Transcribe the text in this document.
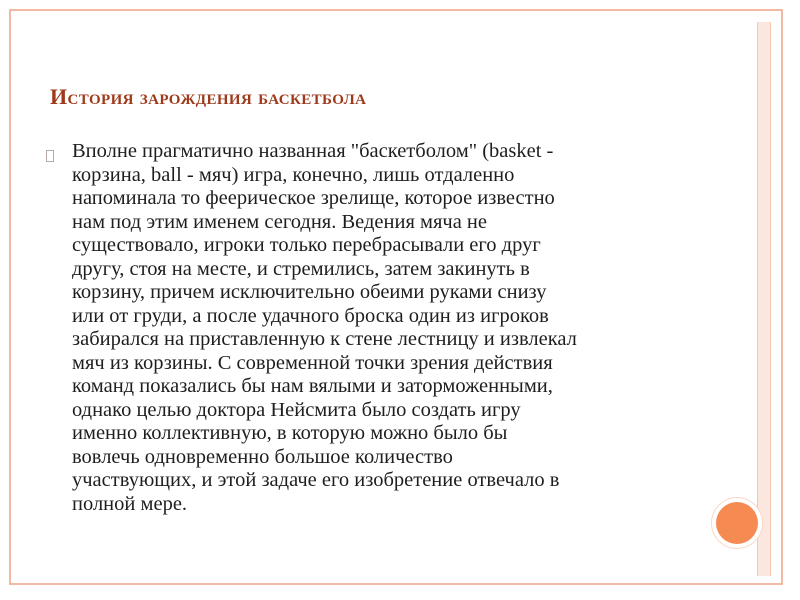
История зарождения баскетбола

Вполне прагматично названная "баскетболом" (basket -
корзина, ball - мяч) игра, конечно, лишь отдаленно
напоминала то феерическое зрелище, которое известно
нам под этим именем сегодня. Ведения мяча не
существовало, игроки только перебрасывали его друг
другу, стоя на месте, и стремились, затем закинуть в
корзину, причем исключительно обеими руками снизу
или от груди, а после удачного броска один из игроков
забирался на приставленную к стене лестницу и извлекал
мяч из корзины. С современной точки зрения действия
команд показались бы нам вялыми и заторможенными,
однако целью доктора Нейсмита было создать игру
именно коллективную, в которую можно было бы
вовлечь одновременно большое количество
участвующих, и этой задаче его изобретение отвечало в
полной мере.
